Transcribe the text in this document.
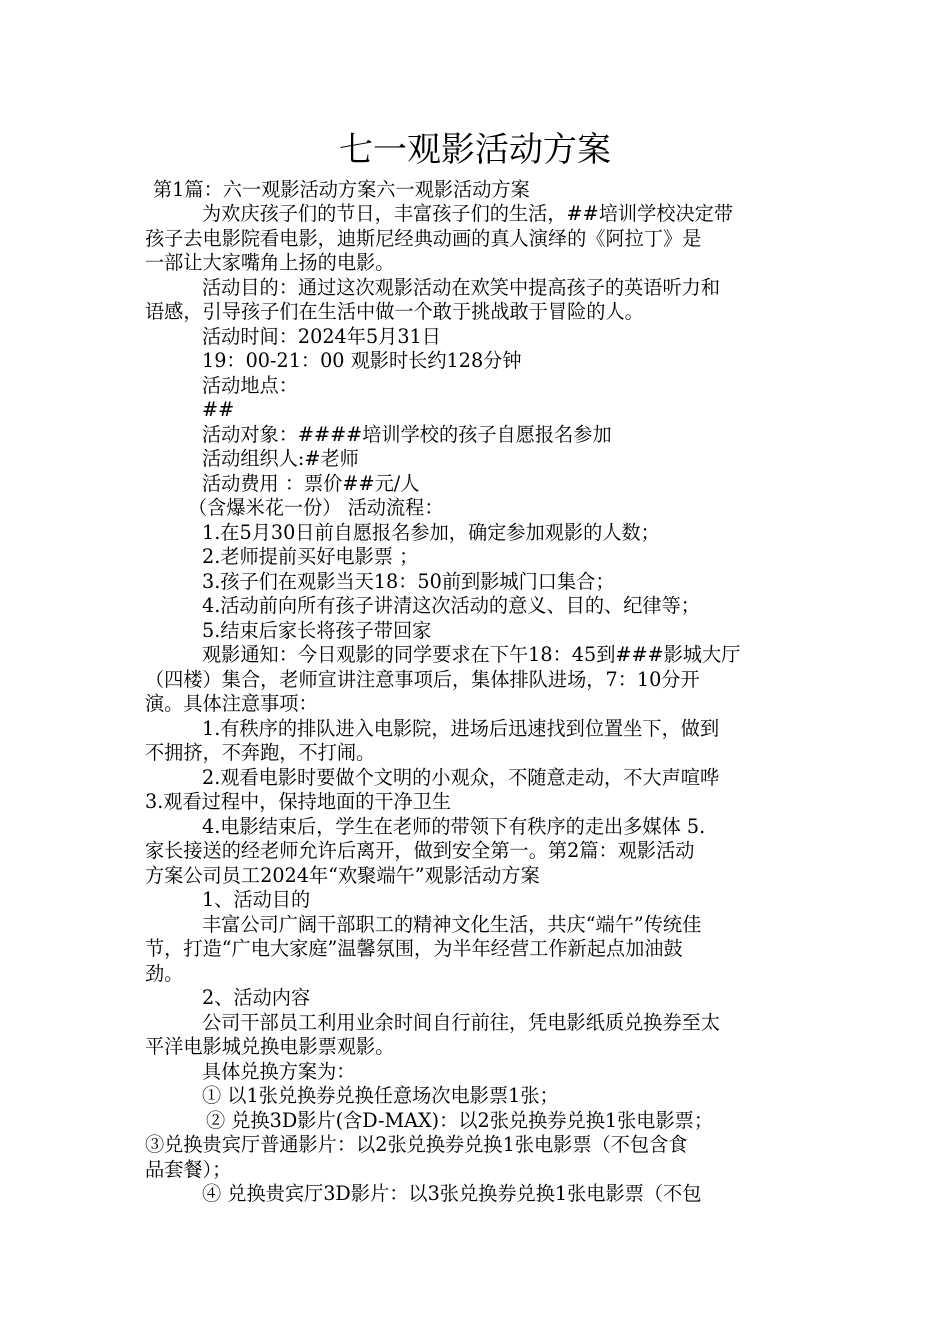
七一观影活动方案
第1篇：六一观影活动方案六一观影活动方案
为欢庆孩子们的节日，丰富孩子们的生活，##培训学校决定带
孩子去电影院看电影，迪斯尼经典动画的真人演绎的《阿拉丁》是
一部让大家嘴角上扬的电影。
活动目的：通过这次观影活动在欢笑中提高孩子的英语听力和
语感，引导孩子们在生活中做一个敢于挑战敢于冒险的人。
活动时间：2024年5月31日
19：00-21：00 观影时长约128分钟
活动地点：
##
活动对象：####培训学校的孩子自愿报名参加
活动组织人:#老师
活动费用 ：票价##元/人
（含爆米花一份） 活动流程：
1.在5月30日前自愿报名参加，确定参加观影的人数；
2.老师提前买好电影票 ；
3.孩子们在观影当天18：50前到影城门口集合；
4.活动前向所有孩子讲清这次活动的意义、目的、纪律等；
5.结束后家长将孩子带回家
观影通知：今日观影的同学要求在下午18：45到###影城大厅
（四楼）集合，老师宣讲注意事项后，集体排队进场，7：10分开
演。具体注意事项：
1.有秩序的排队进入电影院，进场后迅速找到位置坐下，做到
不拥挤，不奔跑，不打闹。
2.观看电影时要做个文明的小观众，不随意走动，不大声喧哗
3.观看过程中，保持地面的干净卫生
4.电影结束后，学生在老师的带领下有秩序的走出多媒体 5.
家长接送的经老师允许后离开，做到安全第一。第2篇：观影活动
方案公司员工2024年“欢聚端午”观影活动方案
1、活动目的
丰富公司广阔干部职工的精神文化生活，共庆“端午”传统佳
节，打造“广电大家庭”温馨氛围，为半年经营工作新起点加油鼓
劲。
2、活动内容
公司干部员工利用业余时间自行前往，凭电影纸质兑换券至太
平洋电影城兑换电影票观影。
具体兑换方案为：
① 以1张兑换券兑换任意场次电影票1张；
② 兑换3D影片(含D-MAX)：以2张兑换券兑换1张电影票；
③兑换贵宾厅普通影片：以2张兑换券兑换1张电影票（不包含食
品套餐）；
④ 兑换贵宾厅3D影片：以3张兑换券兑换1张电影票（不包
